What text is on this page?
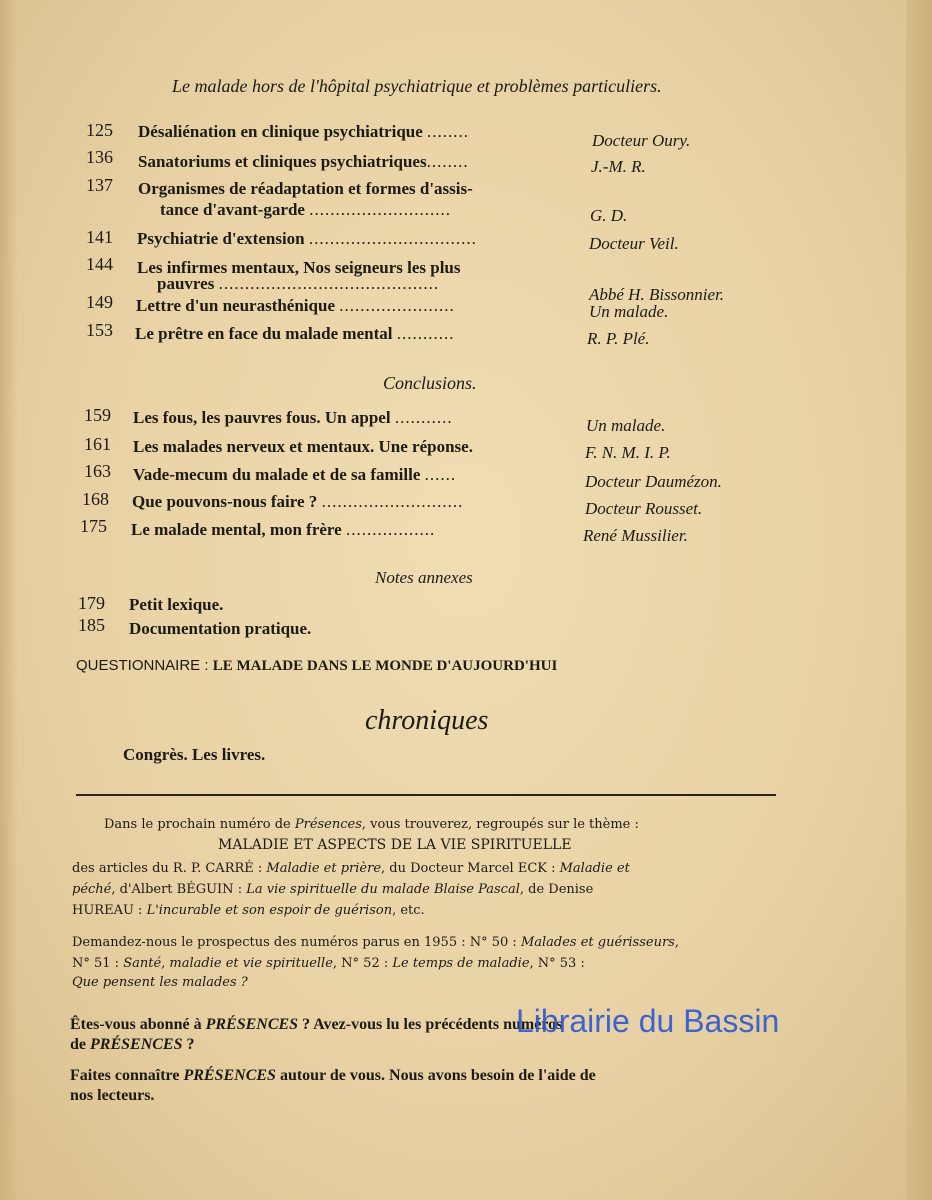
Le malade hors de l'hôpital psychiatrique et problèmes particuliers.
125	Désaliénation en clinique psychiatrique ........	Docteur Oury.
136	Sanatoriums et cliniques psychiatriques........	J.-M. R.
137	Organismes de réadaptation et formes d'assis-
tance d'avant-garde ...........................	G. D.
141	Psychiatrie d'extension ................................	Docteur Veil.
144	Les infirmes mentaux, Nos seigneurs les plus
pauvres ..........................................
Abbé H. Bissonnier.
149	Lettre d'un neurasthénique ......................	Un malade.
153	Le prêtre en face du malade mental ...........	R. P. Plé.
Conclusions.
159	Les fous, les pauvres fous. Un appel ...........	Un malade.
161	Les malades nerveux et mentaux. Une réponse.	F. N. M. I. P.
163	Vade-mecum du malade et de sa famille ......	Docteur Daumézon.
168	Que pouvons-nous faire ? ...........................	Docteur Rousset.
175	Le malade mental, mon frère .................	René Mussilier.
Notes annexes
179	Petit lexique.
185	Documentation pratique.
QUESTIONNAIRE : LE MALADE DANS LE MONDE D'AUJOURD'HUI
chroniques
Congrès. Les livres.
Dans le prochain numéro de Présences, vous trouverez, regroupés sur le thème :
MALADIE ET ASPECTS DE LA VIE SPIRITUELLE
des articles du R. P. CARRÉ : Maladie et prière, du Docteur Marcel ECK : Maladie et
péché, d'Albert BÉGUIN : La vie spirituelle du malade Blaise Pascal, de Denise
HUREAU : L'incurable et son espoir de guérison, etc.
Demandez-nous le prospectus des numéros parus en 1955 : N° 50 : Malades et guérisseurs,
N° 51 : Santé, maladie et vie spirituelle, N° 52 : Le temps de maladie, N° 53 :
Que pensent les malades ?
Êtes-vous abonné à PRÉSENCES ? Avez-vous lu les précédents numéros
de PRÉSENCES ?
Faites connaître PRÉSENCES autour de vous. Nous avons besoin de l'aide de
nos lecteurs.
Librairie du Bassin
